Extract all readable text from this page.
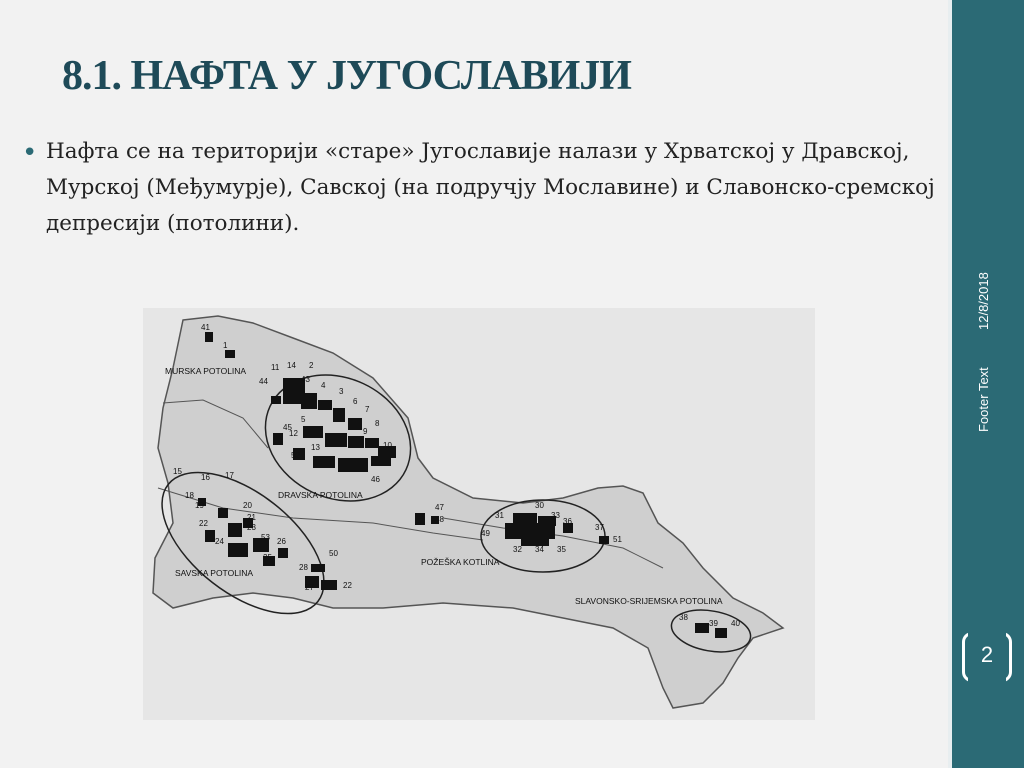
8.1. НАФТА У ЈУГОСЛАВИЈИ
• Нафта се на територији «старе» Југославије налази у Хрватској у Дравској, Мурској (Међумурје), Савској (на подручју Мославине) и Славонско-сремској депресији (потолини).
MURSKA POTOLINA
DRAVSKA POTOLINA
SAVSKA POTOLINA
POŽEŠKA KOTLINA
SLAVONSKO-SRIJEMSKA POTOLINA
41
1
11 14 2
43
44	4
3
45
12
5
6
7
8
9
10
52
13
46
15
16 17
18
19	20
21
22	23
24	53 26
25
28
27
50
22
47
48
30
31	33
36
37
49
32 34 35
51
38
39 40
12/8/2018
Footer Text
2
